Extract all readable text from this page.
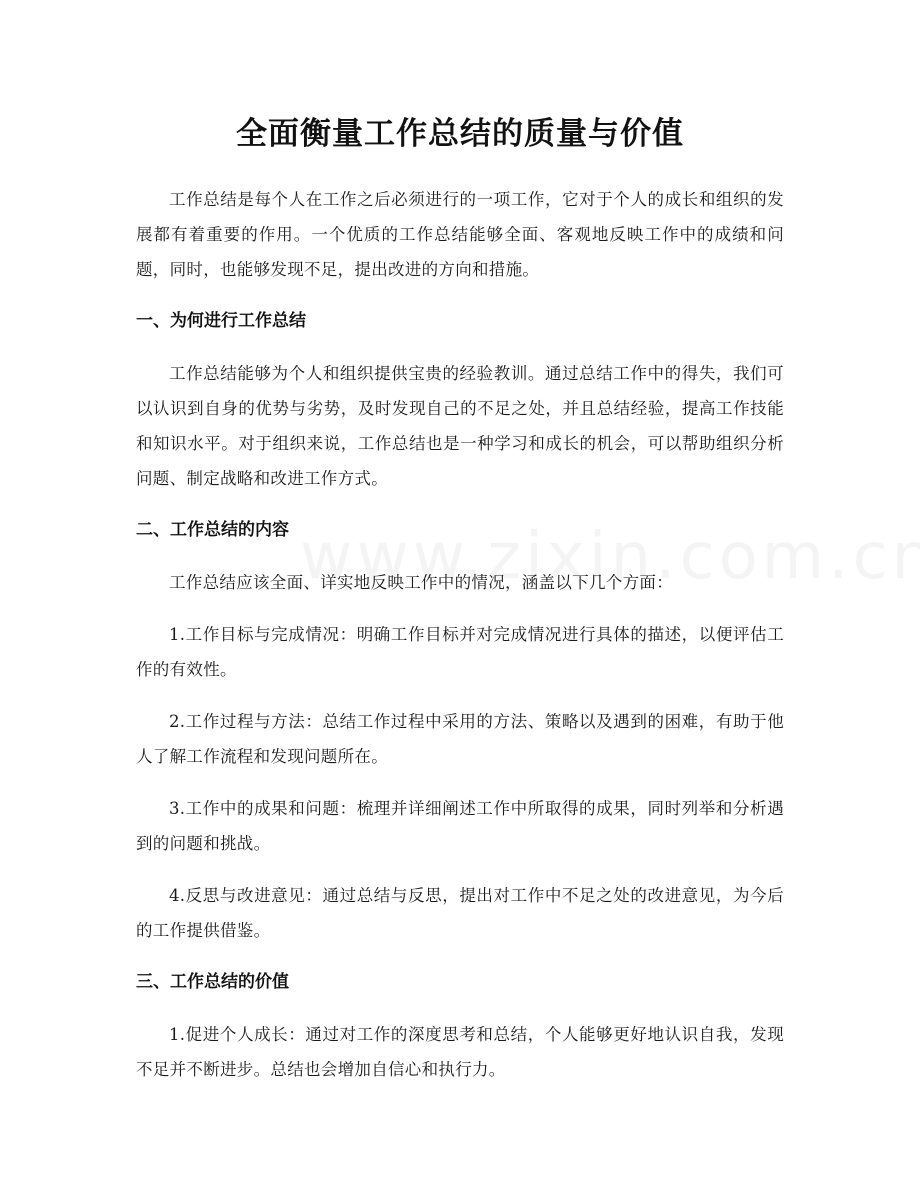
全面衡量工作总结的质量与价值

工作总结是每个人在工作之后必须进行的一项工作，它对于个人的成长和组织的发展都有着重要的作用。一个优质的工作总结能够全面、客观地反映工作中的成绩和问题，同时，也能够发现不足，提出改进的方向和措施。

一、为何进行工作总结

工作总结能够为个人和组织提供宝贵的经验教训。通过总结工作中的得失，我们可以认识到自身的优势与劣势，及时发现自己的不足之处，并且总结经验，提高工作技能和知识水平。对于组织来说，工作总结也是一种学习和成长的机会，可以帮助组织分析问题、制定战略和改进工作方式。

二、工作总结的内容

工作总结应该全面、详实地反映工作中的情况，涵盖以下几个方面：

1.工作目标与完成情况：明确工作目标并对完成情况进行具体的描述，以便评估工作的有效性。

2.工作过程与方法：总结工作过程中采用的方法、策略以及遇到的困难，有助于他人了解工作流程和发现问题所在。

3.工作中的成果和问题：梳理并详细阐述工作中所取得的成果，同时列举和分析遇到的问题和挑战。

4.反思与改进意见：通过总结与反思，提出对工作中不足之处的改进意见，为今后的工作提供借鉴。

三、工作总结的价值

1.促进个人成长：通过对工作的深度思考和总结，个人能够更好地认识自我，发现不足并不断进步。总结也会增加自信心和执行力。
